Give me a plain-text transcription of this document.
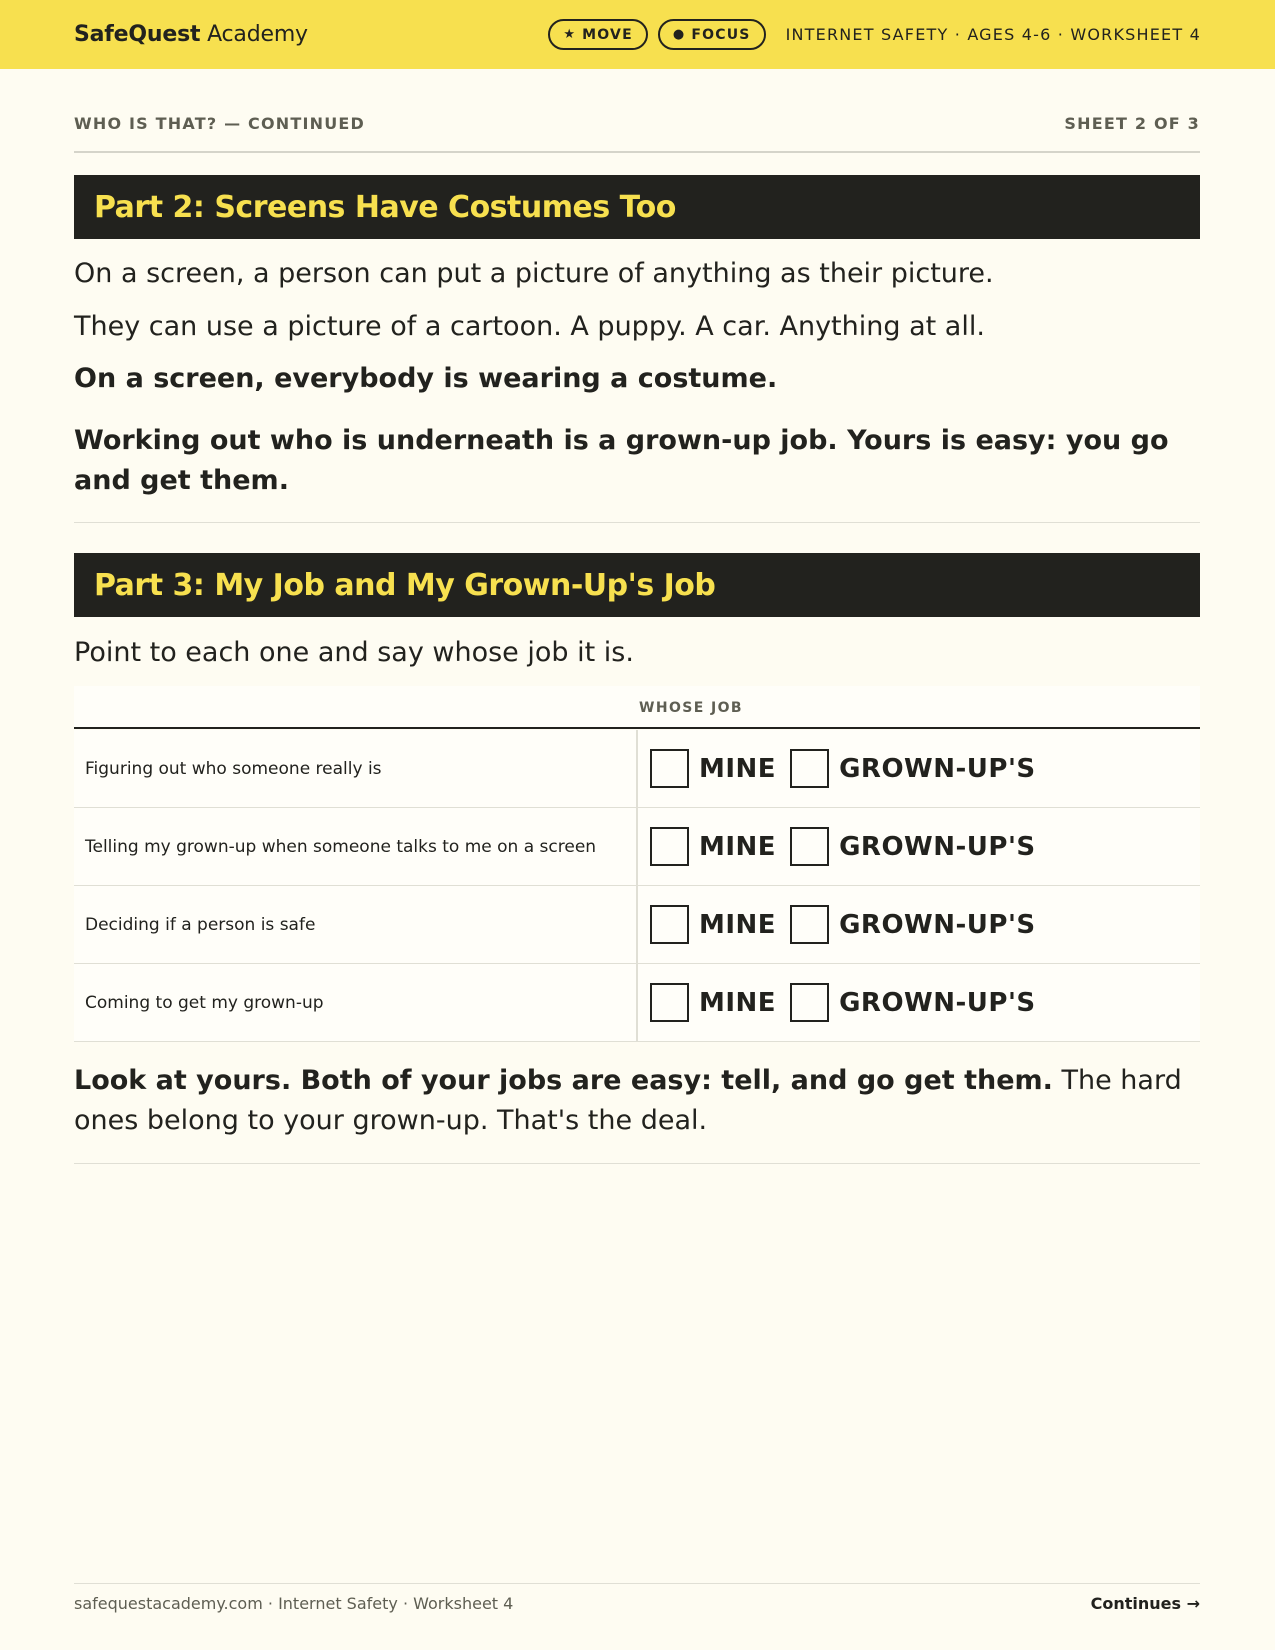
SafeQuest Academy	★ MOVE	● FOCUS INTERNET SAFETY · AGES 4-6 · WORKSHEET 4
WHO IS THAT? — CONTINUED	SHEET 2 OF 3
Part 2: Screens Have Costumes Too

On a screen, a person can put a picture of anything as their picture.

They can use a picture of a cartoon. A puppy. A car. Anything at all.

On a screen, everybody is wearing a costume.

Working out who is underneath is a grown-up job. Yours is easy: you go and get them.

Part 3: My Job and My Grown-Up's Job

Point to each one and say whose job it is.

WHOSE JOB
Figuring out who someone really is	MINE GROWN-UP'S
Telling my grown-up when someone talks to me on a screen	MINE GROWN-UP'S
Deciding if a person is safe	MINE GROWN-UP'S
Coming to get my grown-up	MINE GROWN-UP'S

Look at yours. Both of your jobs are easy: tell, and go get them. The hard ones belong to your grown-up. That's the deal.

safequestacademy.com · Internet Safety · Worksheet 4	Continues →
